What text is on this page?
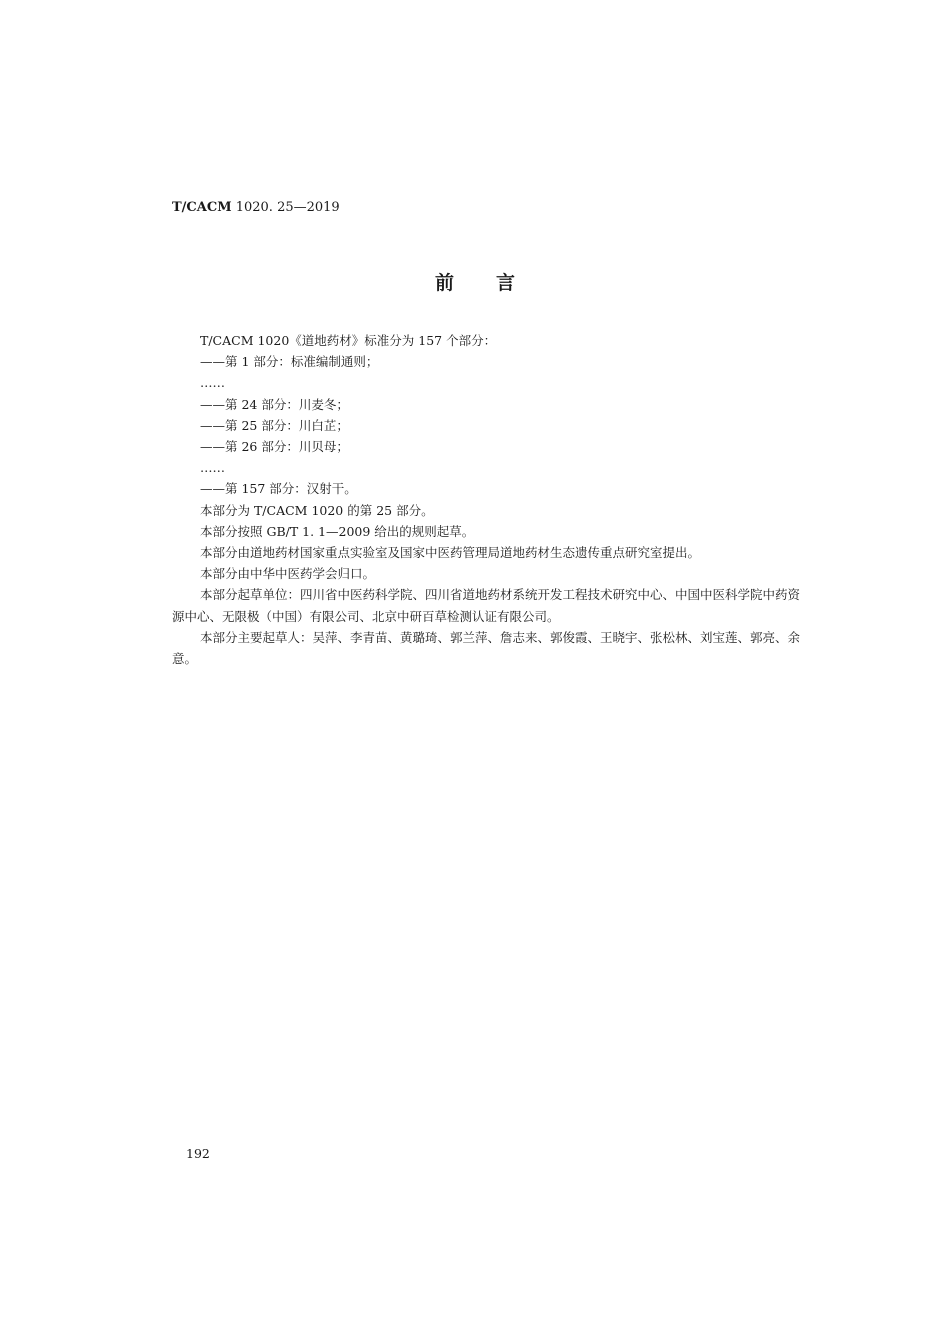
T/CACM 1020. 25—2019
前 言

T/CACM 1020《道地药材》标准分为 157 个部分：

——第 1 部分：标准编制通则；

……

——第 24 部分：川麦冬；

——第 25 部分：川白芷；

——第 26 部分：川贝母；

……

——第 157 部分：汉射干。

本部分为 T/CACM 1020 的第 25 部分。

本部分按照 GB/T 1. 1—2009 给出的规则起草。

本部分由道地药材国家重点实验室及国家中医药管理局道地药材生态遗传重点研究室提出。

本部分由中华中医药学会归口。

本部分起草单位：四川省中医药科学院、四川省道地药材系统开发工程技术研究中心、中国中医科学院中药资源中心、无限极（中国）有限公司、北京中研百草检测认证有限公司。

本部分主要起草人：吴萍、李青苗、黄璐琦、郭兰萍、詹志来、郭俊霞、王晓宇、张松林、刘宝莲、郭亮、余意。

192
